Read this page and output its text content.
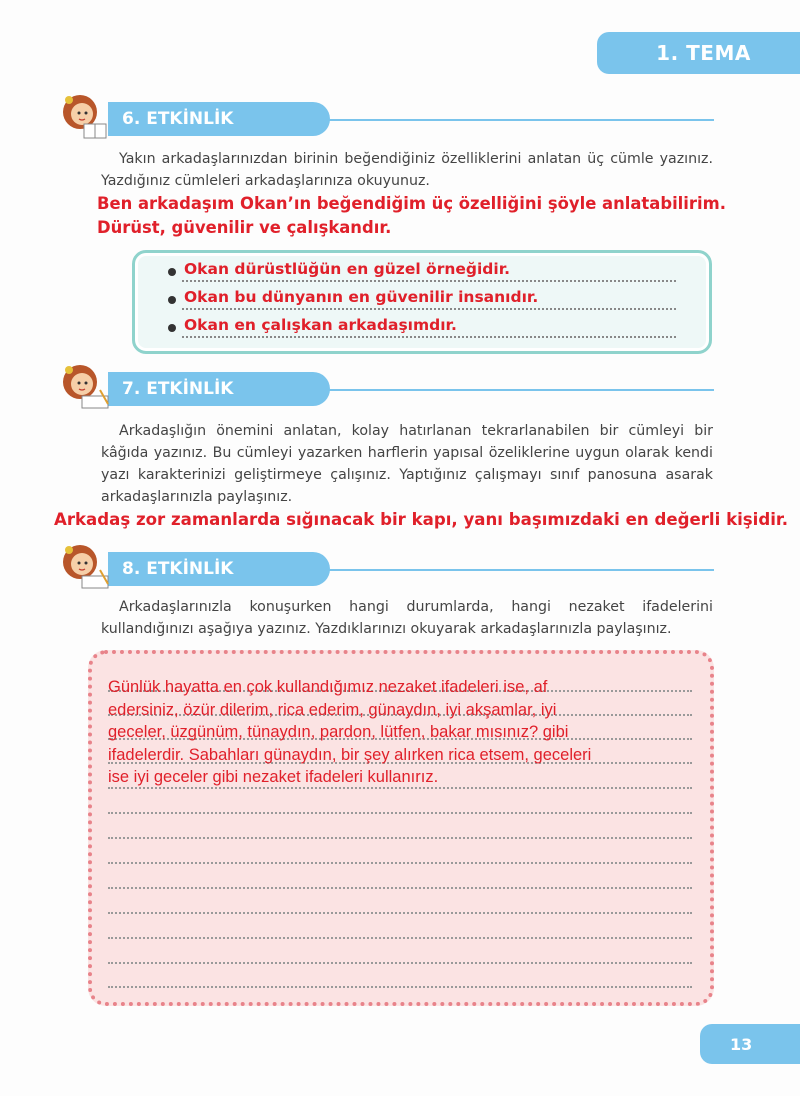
1. TEMA
6. ETKİNLİK
Yakın arkadaşlarınızdan birinin beğendiğiniz özelliklerini anlatan üç cümle yazınız. Yazdığınız cümleleri arkadaşlarınıza okuyunuz.
Ben arkadaşım Okan’ın beğendiğim üç özelliğini şöyle anlatabilirim.
Dürüst, güvenilir ve çalışkandır.
Okan dürüstlüğün en güzel örneğidir.
Okan bu dünyanın en güvenilir insanıdır.
Okan en çalışkan arkadaşımdır.
7. ETKİNLİK
Arkadaşlığın önemini anlatan, kolay hatırlanan tekrarlanabilen bir cümleyi bir kâğıda yazınız. Bu cümleyi yazarken harflerin yapısal özeliklerine uygun olarak kendi yazı karakterinizi geliştirmeye çalışınız. Yaptığınız çalışmayı sınıf panosuna asarak arkadaşlarınızla paylaşınız.
Arkadaş zor zamanlarda sığınacak bir kapı, yanı başımızdaki en değerli kişidir.
8. ETKİNLİK
Arkadaşlarınızla konuşurken hangi durumlarda, hangi nezaket ifadelerini kullandığınızı aşağıya yazınız. Yazdıklarınızı okuyarak arkadaşlarınızla paylaşınız.
Günlük hayatta en çok kullandığımız nezaket ifadeleri ise, af
edersiniz, özür dilerim, rica ederim, günaydın, iyi akşamlar, iyi
geceler, üzgünüm, tünaydın, pardon, lütfen, bakar mısınız? gibi
ifadelerdir. Sabahları günaydın, bir şey alırken rica etsem, geceleri
ise iyi geceler gibi nezaket ifadeleri kullanırız.
13
